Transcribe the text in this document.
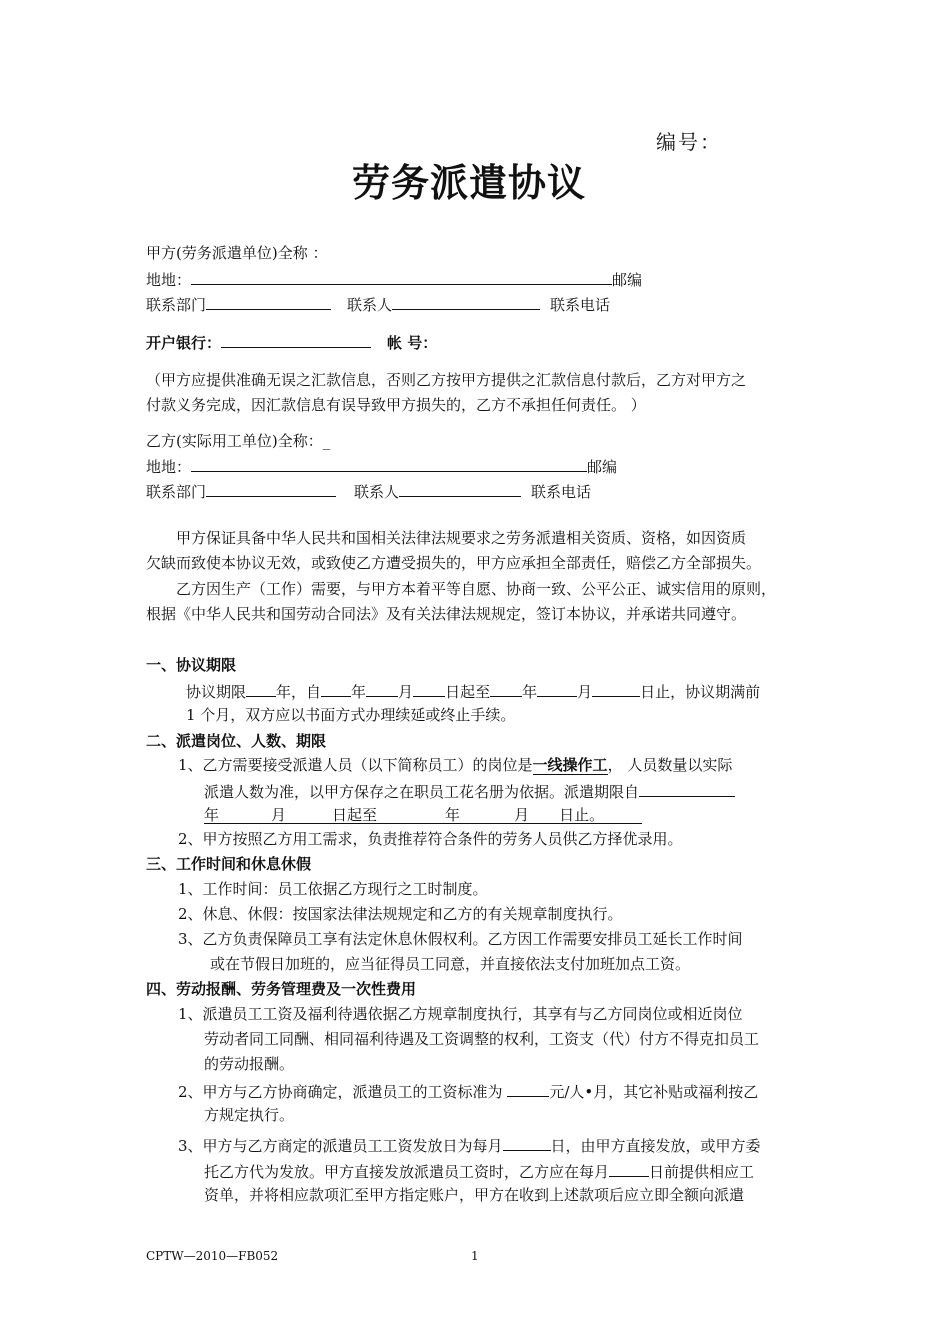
编号：
劳务派遣协议
甲方(劳务派遣单位)全称 ：
地地：	邮编
联系部门	联系人	联系电话
开户银行：	帐 号：
（甲方应提供准确无误之汇款信息，否则乙方按甲方提供之汇款信息付款后，乙方对甲方之
付款义务完成，因汇款信息有误导致甲方损失的，乙方不承担任何责任。 ）
乙方(实际用工单位)全称：_
地地：	邮编
联系部门	联系人	联系电话
甲方保证具备中华人民共和国相关法律法规要求之劳务派遣相关资质、资格，如因资质
欠缺而致使本协议无效，或致使乙方遭受损失的，甲方应承担全部责任，赔偿乙方全部损失。
乙方因生产（工作）需要，与甲方本着平等自愿、协商一致、公平公正、诚实信用的原则，
根据《中华人民共和国劳动合同法》及有关法律法规规定，签订本协议，并承诺共同遵守。
一、协议期限
协议期限 年，自 年 月 日起至 年	月	日止，协议期满前
1 个月，双方应以书面方式办理续延或终止手续。
二、派遣岗位、人数、期限
1、乙方需要接受派遣人员（以下简称员工）的岗位是一线操作工， 人员数量以实际
派遣人数为准，以甲方保存之在职员工花名册为依据。派遣期限自
年	月	日起至	年	月 日止。
2、甲方按照乙方用工需求，负责推荐符合条件的劳务人员供乙方择优录用。
三、工作时间和休息休假
1、工作时间：员工依据乙方现行之工时制度。
2、休息、休假：按国家法律法规规定和乙方的有关规章制度执行。
3、乙方负责保障员工享有法定休息休假权利。乙方因工作需要安排员工延长工作时间
或在节假日加班的，应当征得员工同意，并直接依法支付加班加点工资。
四、劳动报酬、劳务管理费及一次性费用
1、派遣员工工资及福利待遇依据乙方规章制度执行，其享有与乙方同岗位或相近岗位
劳动者同工同酬、相同福利待遇及工资调整的权利，工资支（代）付方不得克扣员工
的劳动报酬。
2、甲方与乙方协商确定，派遣员工的工资标准为	元/人•月，其它补贴或福利按乙
方规定执行。
3、甲方与乙方商定的派遣员工工资发放日为每月	日，由甲方直接发放，或甲方委
托乙方代为发放。甲方直接发放派遣员工资时，乙方应在每月	日前提供相应工
资单，并将相应款项汇至甲方指定账户，甲方在收到上述款项后应立即全额向派遣
CPTW—2010—FB052	1
